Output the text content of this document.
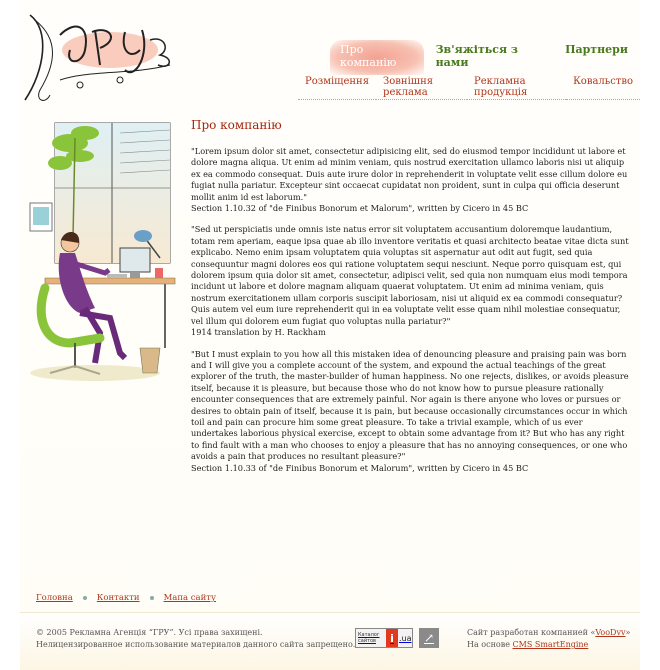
Про компанію
Зв'яжіться з нами
Партнери
Розміщення	Зовнішня реклама
Рекламна продукція
Ковальство
Про компанію

"Lorem ipsum dolor sit amet, consectetur adipisicing elit, sed do eiusmod tempor incididunt ut labore et dolore magna aliqua. Ut enim ad minim veniam, quis nostrud exercitation ullamco laboris nisi ut aliquip ex ea commodo consequat. Duis aute irure dolor in reprehenderit in voluptate velit esse cillum dolore eu fugiat nulla pariatur. Excepteur sint occaecat cupidatat non proident, sunt in culpa qui officia deserunt mollit anim id est laborum."
Section 1.10.32 of "de Finibus Bonorum et Malorum", written by Cicero in 45 BC

"Sed ut perspiciatis unde omnis iste natus error sit voluptatem accusantium doloremque laudantium, totam rem aperiam, eaque ipsa quae ab illo inventore veritatis et quasi architecto beatae vitae dicta sunt explicabo. Nemo enim ipsam voluptatem quia voluptas sit aspernatur aut odit aut fugit, sed quia consequuntur magni dolores eos qui ratione voluptatem sequi nesciunt. Neque porro quisquam est, qui dolorem ipsum quia dolor sit amet, consectetur, adipisci velit, sed quia non numquam eius modi tempora incidunt ut labore et dolore magnam aliquam quaerat voluptatem. Ut enim ad minima veniam, quis nostrum exercitationem ullam corporis suscipit laboriosam, nisi ut aliquid ex ea commodi consequatur? Quis autem vel eum iure reprehenderit qui in ea voluptate velit esse quam nihil molestiae consequatur, vel illum qui dolorem eum fugiat quo voluptas nulla pariatur?"
1914 translation by H. Rackham

"But I must explain to you how all this mistaken idea of denouncing pleasure and praising pain was born and I will give you a complete account of the system, and expound the actual teachings of the great explorer of the truth, the master-builder of human happiness. No one rejects, dislikes, or avoids pleasure itself, because it is pleasure, but because those who do not know how to pursue pleasure rationally encounter consequences that are extremely painful. Nor again is there anyone who loves or pursues or desires to obtain pain of itself, because it is pain, but because occasionally circumstances occur in which toil and pain can procure him some great pleasure. To take a trivial example, which of us ever undertakes laborious physical exercise, except to obtain some advantage from it? But who has any right to find fault with a man who chooses to enjoy a pleasure that has no annoying consequences, or one who avoids a pain that produces no resultant pleasure?"
Section 1.10.33 of "de Finibus Bonorum et Malorum", written by Cicero in 45 BC

Головна	Контакти	Мапа сайту
© 2005 Рекламна Агенція “ГРУ”. Усі права захищені.
Нелицензированное использование материалов данного сайта запрещено.
Каталог сайтов	i .ua ↗	Сайт разработан компанией «VooDvv»
На основе CMS SmartEngine
